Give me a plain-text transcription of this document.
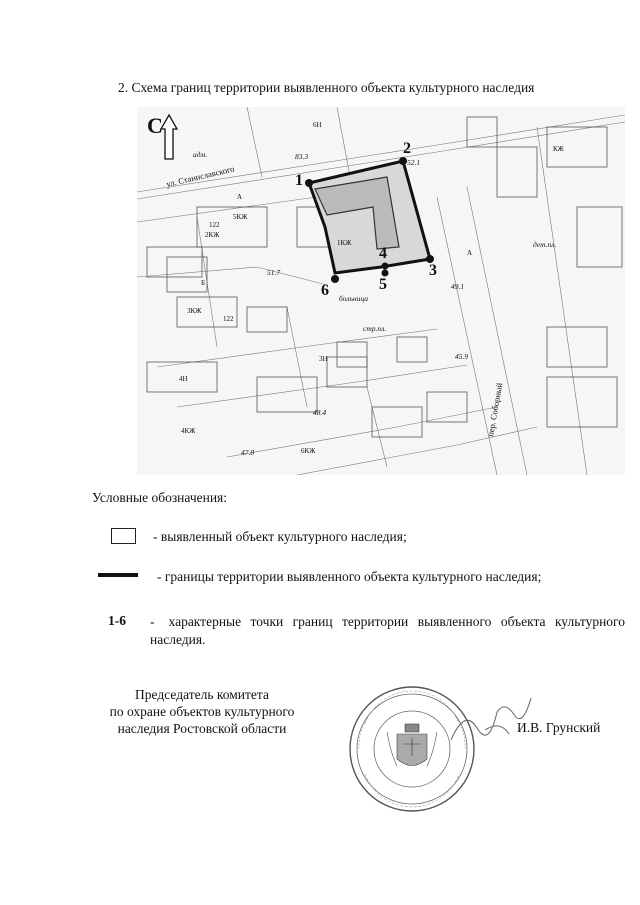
2. Схема границ территории выявленного объекта культурного наследия
С
ул. Станиславского
пер. Соборный
1
2
3
4
5
6
адм.	83.3
52.1
51.7
49.1
45.9
48.4
47.8
больница
стр.пл.
дет.пл.
6Н
3Н
4Н
2КЖ
5КЖ
6КЖ
3КЖ
1КЖ
4КЖ
КЖ
122
122
А
А
Б
Условные обозначения:
- выявленный объект культурного наследия;
- границы территории выявленного объекта культурного наследия;
1-6 - характерные точки границ территории выявленного объекта культурного наследия.
Председатель комитета
по охране объектов культурного
наследия Ростовской области	И.В. Грунский
